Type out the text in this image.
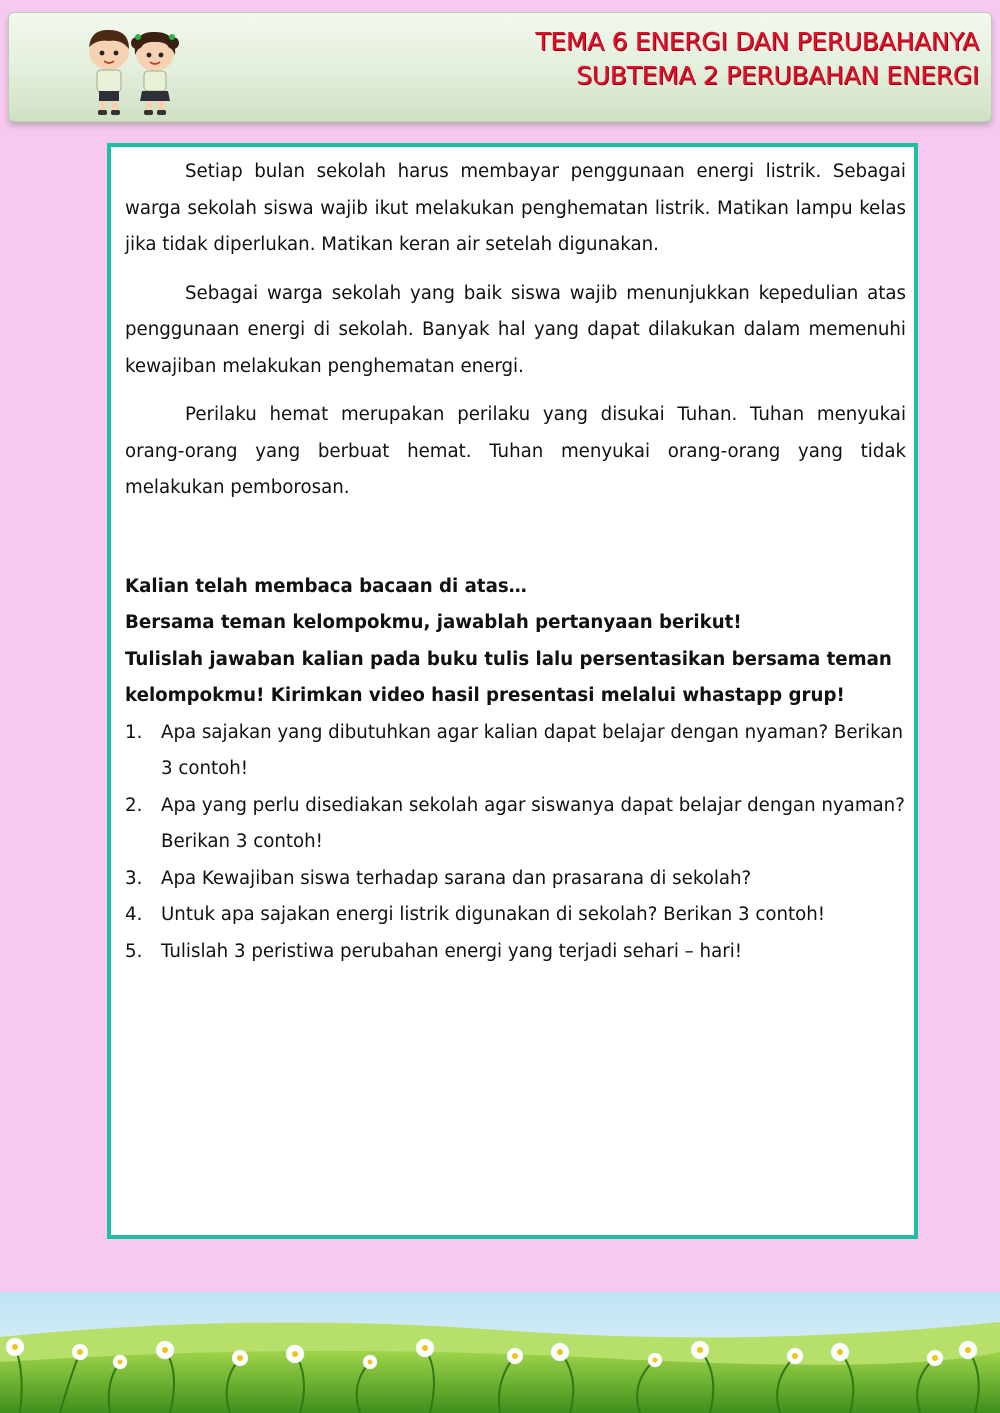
TEMA 6 ENERGI DAN PERUBAHANYA
SUBTEMA 2 PERUBAHAN ENERGI

Setiap bulan sekolah harus membayar penggunaan energi listrik. Sebagai warga sekolah siswa wajib ikut melakukan penghematan listrik. Matikan lampu kelas jika tidak diperlukan. Matikan keran air setelah digunakan.

Sebagai warga sekolah yang baik siswa wajib menunjukkan kepedulian atas penggunaan energi di sekolah. Banyak hal yang dapat dilakukan dalam memenuhi kewajiban melakukan penghematan energi.

Perilaku hemat merupakan perilaku yang disukai Tuhan. Tuhan menyukai orang-orang yang berbuat hemat. Tuhan menyukai orang-orang yang tidak melakukan pemborosan.

Kalian telah membaca bacaan di atas…

Bersama teman kelompokmu, jawablah pertanyaan berikut!

Tulislah jawaban kalian pada buku tulis lalu persentasikan bersama teman kelompokmu! Kirimkan video hasil presentasi melalui whastapp grup!

1. Apa sajakan yang dibutuhkan agar kalian dapat belajar dengan nyaman? Berikan 3 contoh!
2. Apa yang perlu disediakan sekolah agar siswanya dapat belajar dengan nyaman? Berikan 3 contoh!
3. Apa Kewajiban siswa terhadap sarana dan prasarana di sekolah?
4. Untuk apa sajakan energi listrik digunakan di sekolah? Berikan 3 contoh!
5. Tulislah 3 peristiwa perubahan energi yang terjadi sehari – hari!
